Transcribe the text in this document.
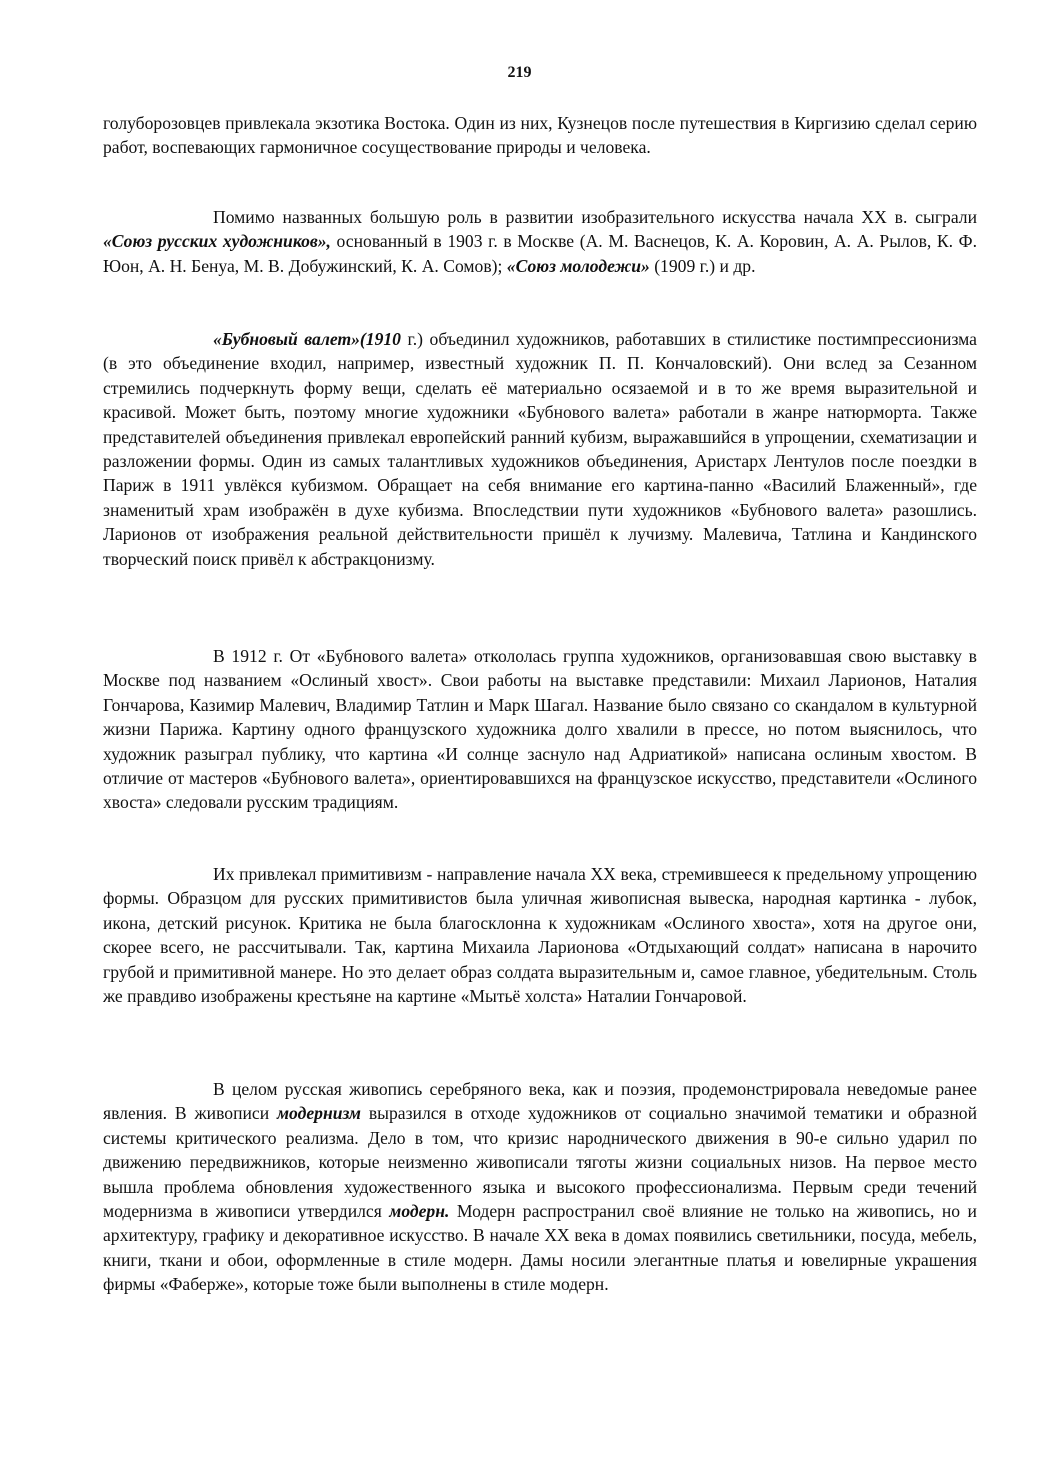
219

голуборозовцев привлекала экзотика Востока. Один из них, Кузнецов после путешествия в Киргизию сделал серию работ, воспевающих гармоничное сосуществование природы и человека.

Помимо названных большую роль в развитии изобразительного искусства начала XX в. сыграли «Союз русских художников», основанный в 1903 г. в Москве (А. М. Васнецов, К. А. Коровин, А. А. Рылов, К. Ф. Юон, А. Н. Бенуа, М. В. Добужинский, К. А. Сомов); «Союз молодежи» (1909 г.) и др.

«Бубновый валет»(1910 г.) объединил художников, работавших в стилистике постимпрессионизма (в это объединение входил, например, известный художник П. П. Кончаловский). Они вслед за Сезанном стремились подчеркнуть форму вещи, сделать её материально осязаемой и в то же время выразительной и красивой. Может быть, поэтому многие художники «Бубнового валета» работали в жанре натюрморта. Также представителей объединения привлекал европейский ранний кубизм, выражавшийся в упрощении, схематизации и разложении формы. Один из самых талантливых художников объединения, Аристарх Лентулов после поездки в Париж в 1911 увлёкся кубизмом. Обращает на себя внимание его картина-панно «Василий Блаженный», где знаменитый храм изображён в духе кубизма. Впоследствии пути художников «Бубнового валета» разошлись. Ларионов от изображения реальной действительности пришёл к лучизму. Малевича, Татлина и Кандинского творческий поиск привёл к абстракцонизму.

В 1912 г. От «Бубнового валета» откололась группа художников, организовавшая свою выставку в Москве под названием «Ослиный хвост». Свои работы на выставке представили: Михаил Ларионов, Наталия Гончарова, Казимир Малевич, Владимир Татлин и Марк Шагал. Название было связано со скандалом в культурной жизни Парижа. Картину одного французского художника долго хвалили в прессе, но потом выяснилось, что художник разыграл публику, что картина «И солнце заснуло над Адриатикой» написана ослиным хвостом. В отличие от мастеров «Бубнового валета», ориентировавшихся на французское искусство, представители «Ослиного хвоста» следовали русским традициям.

Их привлекал примитивизм - направление начала XX века, стремившееся к предельному упрощению формы. Образцом для русских примитивистов была уличная живописная вывеска, народная картинка - лубок, икона, детский рисунок. Критика не была благосклонна к художникам «Ослиного хвоста», хотя на другое они, скорее всего, не рассчитывали. Так, картина Михаила Ларионова «Отдыхающий солдат» написана в нарочито грубой и примитивной манере. Но это делает образ солдата выразительным и, самое главное, убедительным. Столь же правдиво изображены крестьяне на картине «Мытьё холста» Наталии Гончаровой.

В целом русская живопись серебряного века, как и поэзия, продемонстрировала неведомые ранее явления. В живописи модернизм выразился в отходе художников от социально значимой тематики и образной системы критического реализма. Дело в том, что кризис народнического движения в 90-е сильно ударил по движению передвижников, которые неизменно живописали тяготы жизни социальных низов. На первое место вышла проблема обновления художественного языка и высокого профессионализма. Первым среди течений модернизма в живописи утвердился модерн. Модерн распространил своё влияние не только на живопись, но и архитектуру, графику и декоративное искусство. В начале XX века в домах появились светильники, посуда, мебель, книги, ткани и обои, оформленные в стиле модерн. Дамы носили элегантные платья и ювелирные украшения фирмы «Фаберже», которые тоже были выполнены в стиле модерн.
